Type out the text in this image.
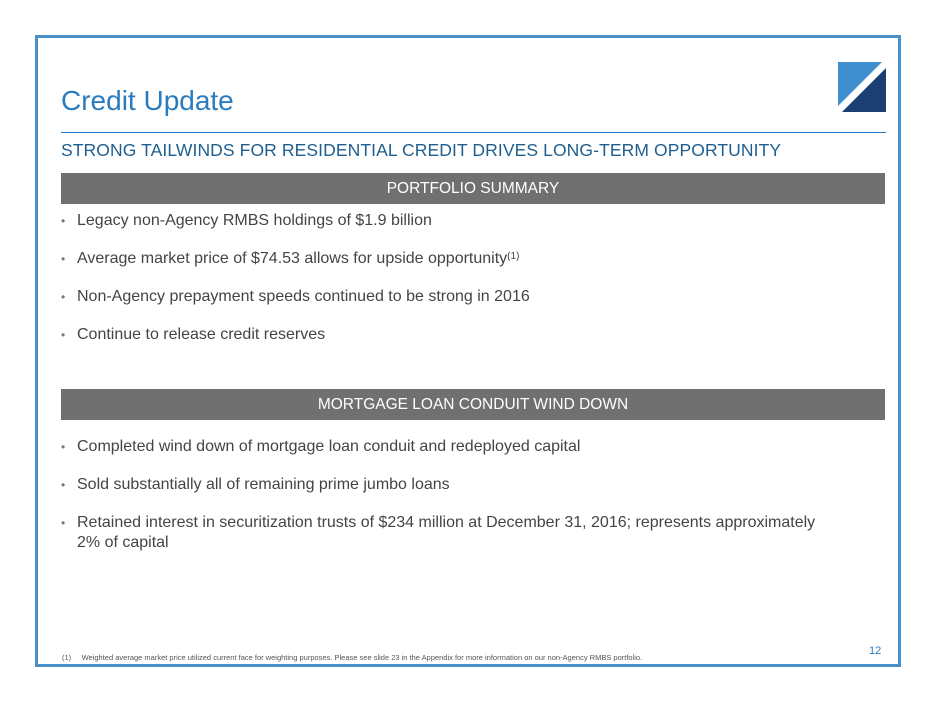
Credit Update
STRONG TAILWINDS FOR RESIDENTIAL CREDIT DRIVES LONG-TERM OPPORTUNITY
PORTFOLIO SUMMARY
• Legacy non-Agency RMBS holdings of $1.9 billion
• Average market price of $74.53 allows for upside opportunity$^{(1)}$
• Non-Agency prepayment speeds continued to be strong in 2016
• Continue to release credit reserves
MORTGAGE LOAN CONDUIT WIND DOWN
• Completed wind down of mortgage loan conduit and redeployed capital
• Sold substantially all of remaining prime jumbo loans
• Retained interest in securitization trusts of $234 million at December 31, 2016; represents approximately 2% of capital
(1) Weighted average market price utilized current face for weighting purposes. Please see slide 23 in the Appendix for more information on our non-Agency RMBS portfolio.
12
